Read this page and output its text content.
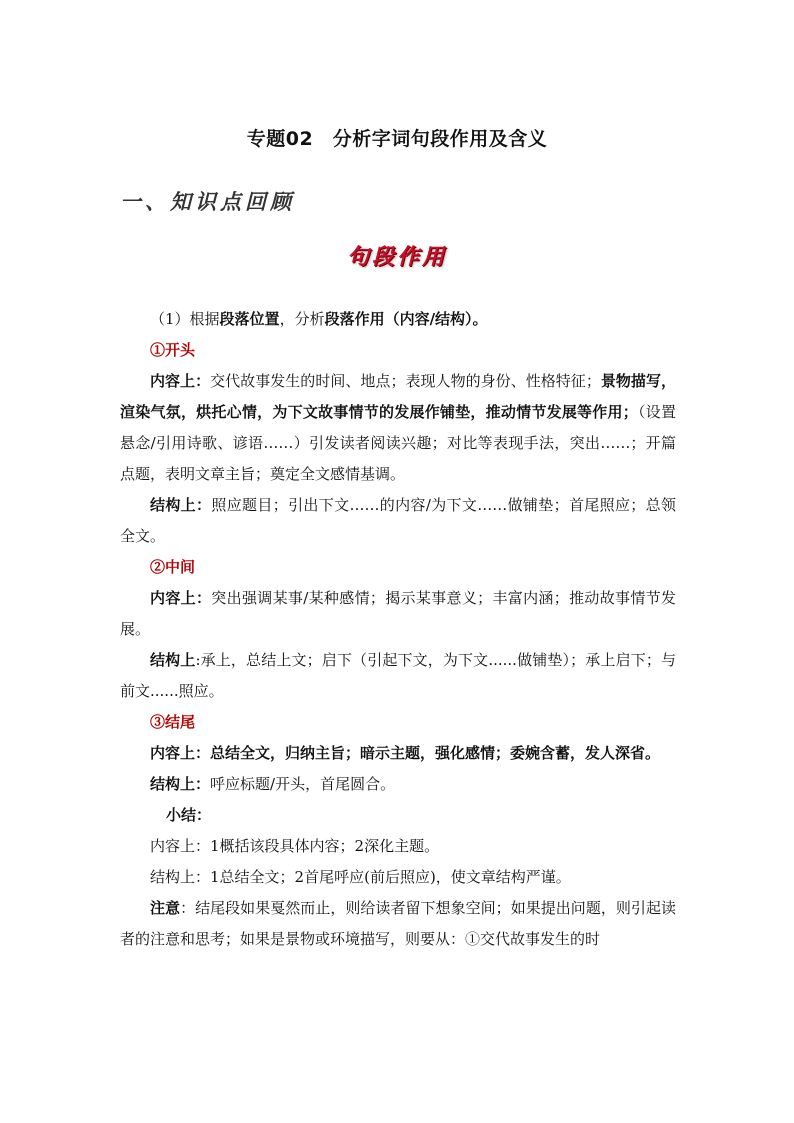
专题02　分析字词句段作用及含义
一、知识点回顾
句段作用

（1）根据段落位置，分析段落作用（内容/结构）。

①开头

内容上：交代故事发生的时间、地点；表现人物的身份、性格特征；景物描写，渲染气氛，烘托心情，为下文故事情节的发展作铺垫，推动情节发展等作用；（设置悬念/引用诗歌、谚语……）引发读者阅读兴趣；对比等表现手法，突出……；开篇点题，表明文章主旨；奠定全文感情基调。

结构上：照应题目；引出下文……的内容/为下文……做铺垫；首尾照应；总领全文。

②中间

内容上：突出强调某事/某种感情；揭示某事意义；丰富内涵；推动故事情节发展。

结构上:承上，总结上文；启下（引起下文，为下文......做铺垫）；承上启下；与前文......照应。

③结尾

内容上：总结全文，归纳主旨；暗示主题，强化感情；委婉含蓄，发人深省。

结构上：呼应标题/开头，首尾圆合。

小结：

内容上：1概括该段具体内容；2深化主题。

结构上：1总结全文；2首尾呼应(前后照应)，使文章结构严谨。

注意：结尾段如果戛然而止，则给读者留下想象空间；如果提出问题，则引起读者的注意和思考；如果是景物或环境描写，则要从：①交代故事发生的时
